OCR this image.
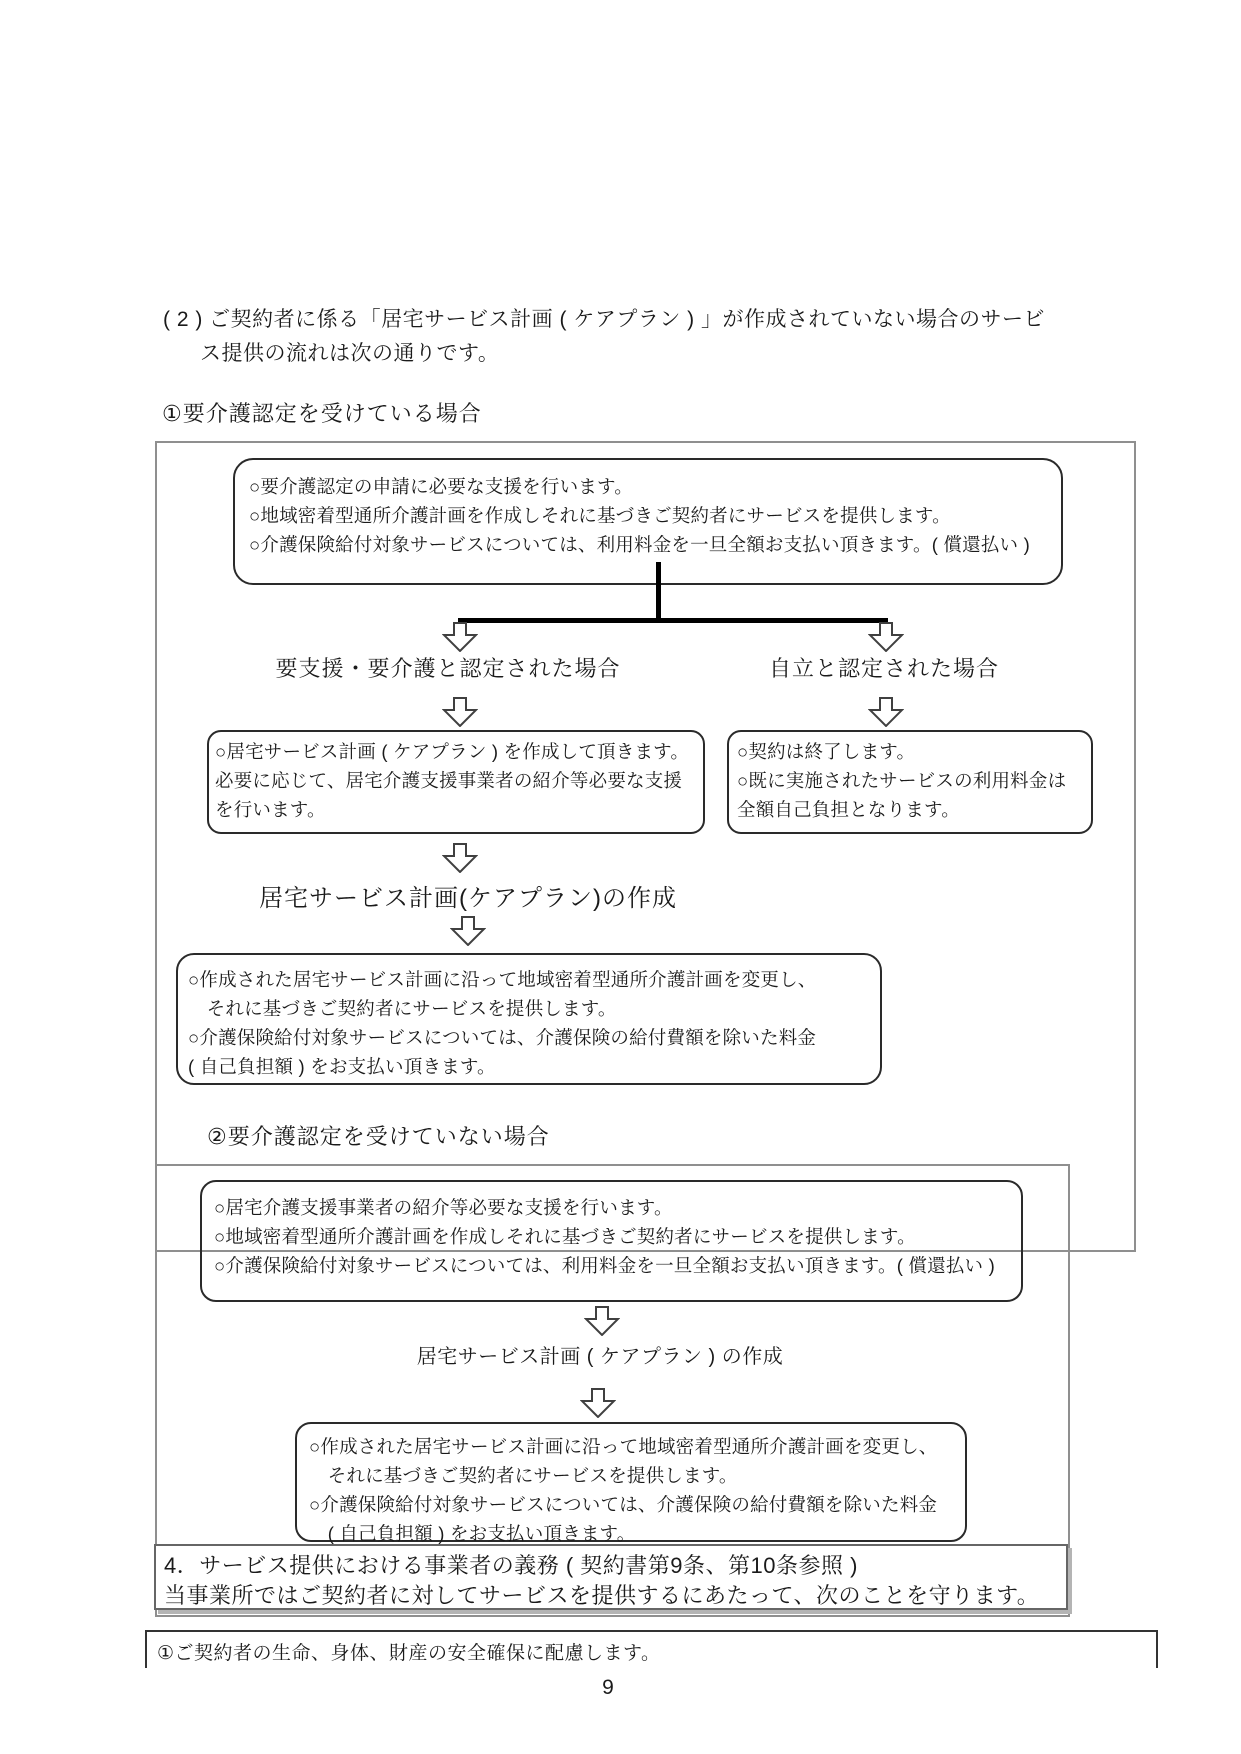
( 2 ) ご契約者に係る「居宅サービス計画 ( ケアプラン ) 」が作成されていない場合のサービ
ス提供の流れは次の通りです。
①要介護認定を受けている場合
○要介護認定の申請に必要な支援を行います。
○地域密着型通所介護計画を作成しそれに基づきご契約者にサービスを提供します。
○介護保険給付対象サービスについては、利用料金を一旦全額お支払い頂きます。( 償還払い )
要支援・要介護と認定された場合	自立と認定された場合
○居宅サービス計画 ( ケアプラン ) を作成して頂きます。
必要に応じて、居宅介護支援事業者の紹介等必要な支援
を行います。
○契約は終了します。
○既に実施されたサービスの利用料金は
全額自己負担となります。
居宅サービス計画(ケアプラン)の作成
○作成された居宅サービス計画に沿って地域密着型通所介護計画を変更し、
　それに基づきご契約者にサービスを提供します。
○介護保険給付対象サービスについては、介護保険の給付費額を除いた料金
( 自己負担額 ) をお支払い頂きます。
②要介護認定を受けていない場合
○居宅介護支援事業者の紹介等必要な支援を行います。
○地域密着型通所介護計画を作成しそれに基づきご契約者にサービスを提供します。
○介護保険給付対象サービスについては、利用料金を一旦全額お支払い頂きます。( 償還払い )
居宅サービス計画 ( ケアプラン ) の作成
○作成された居宅サービス計画に沿って地域密着型通所介護計画を変更し、
　それに基づきご契約者にサービスを提供します。
○介護保険給付対象サービスについては、介護保険の給付費額を除いた料金
　( 自己負担額 ) をお支払い頂きます。
4．サービス提供における事業者の義務 ( 契約書第9条、第10条参照 )
当事業所ではご契約者に対してサービスを提供するにあたって、次のことを守ります。
①ご契約者の生命、身体、財産の安全確保に配慮します。
9
